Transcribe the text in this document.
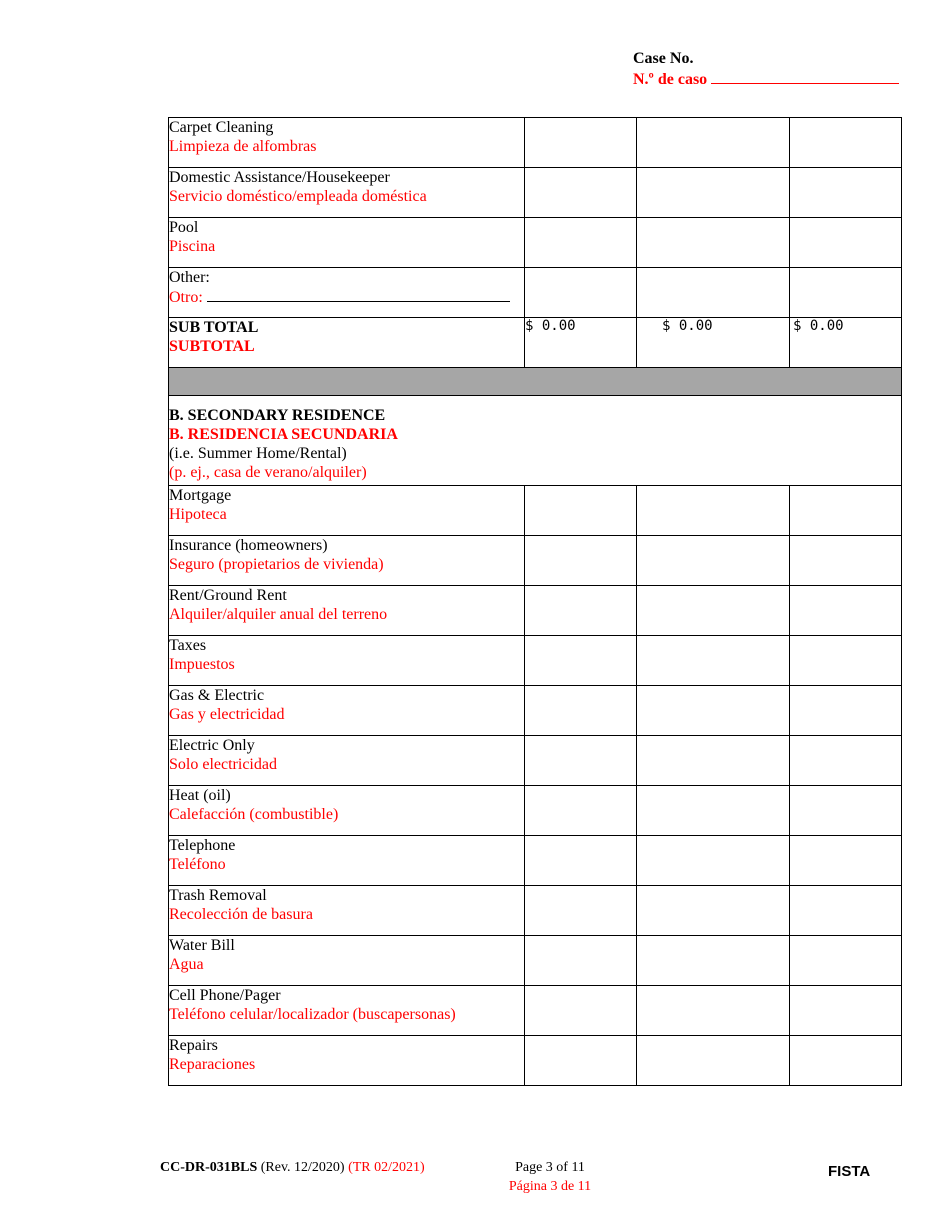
Case No.
N.º de caso
Carpet Cleaning
Limpieza de alfombras			

Domestic Assistance/Housekeeper
Servicio doméstico/empleada doméstica			

Pool
Piscina			

Other:
Otro:			

SUB TOTAL
SUBTOTAL	$ 0.00	$ 0.00	$ 0.00

B. SECONDARY RESIDENCE
B. RESIDENCIA SECUNDARIA
(i.e. Summer Home/Rental)
(p. ej., casa de verano/alquiler)			

Mortgage
Hipoteca			

Insurance (homeowners)
Seguro (propietarios de vivienda)			

Rent/Ground Rent
Alquiler/alquiler anual del terreno			

Taxes
Impuestos			

Gas & Electric
Gas y electricidad			

Electric Only
Solo electricidad			

Heat (oil)
Calefacción (combustible)			

Telephone
Teléfono			

Trash Removal
Recolección de basura			

Water Bill
Agua			

Cell Phone/Pager
Teléfono celular/localizador (buscapersonas)			

Repairs
Reparaciones			

CC-DR-031BLS (Rev. 12/2020) (TR 02/2021)	Page 3 of 11
Página 3 de 11
FISTA
